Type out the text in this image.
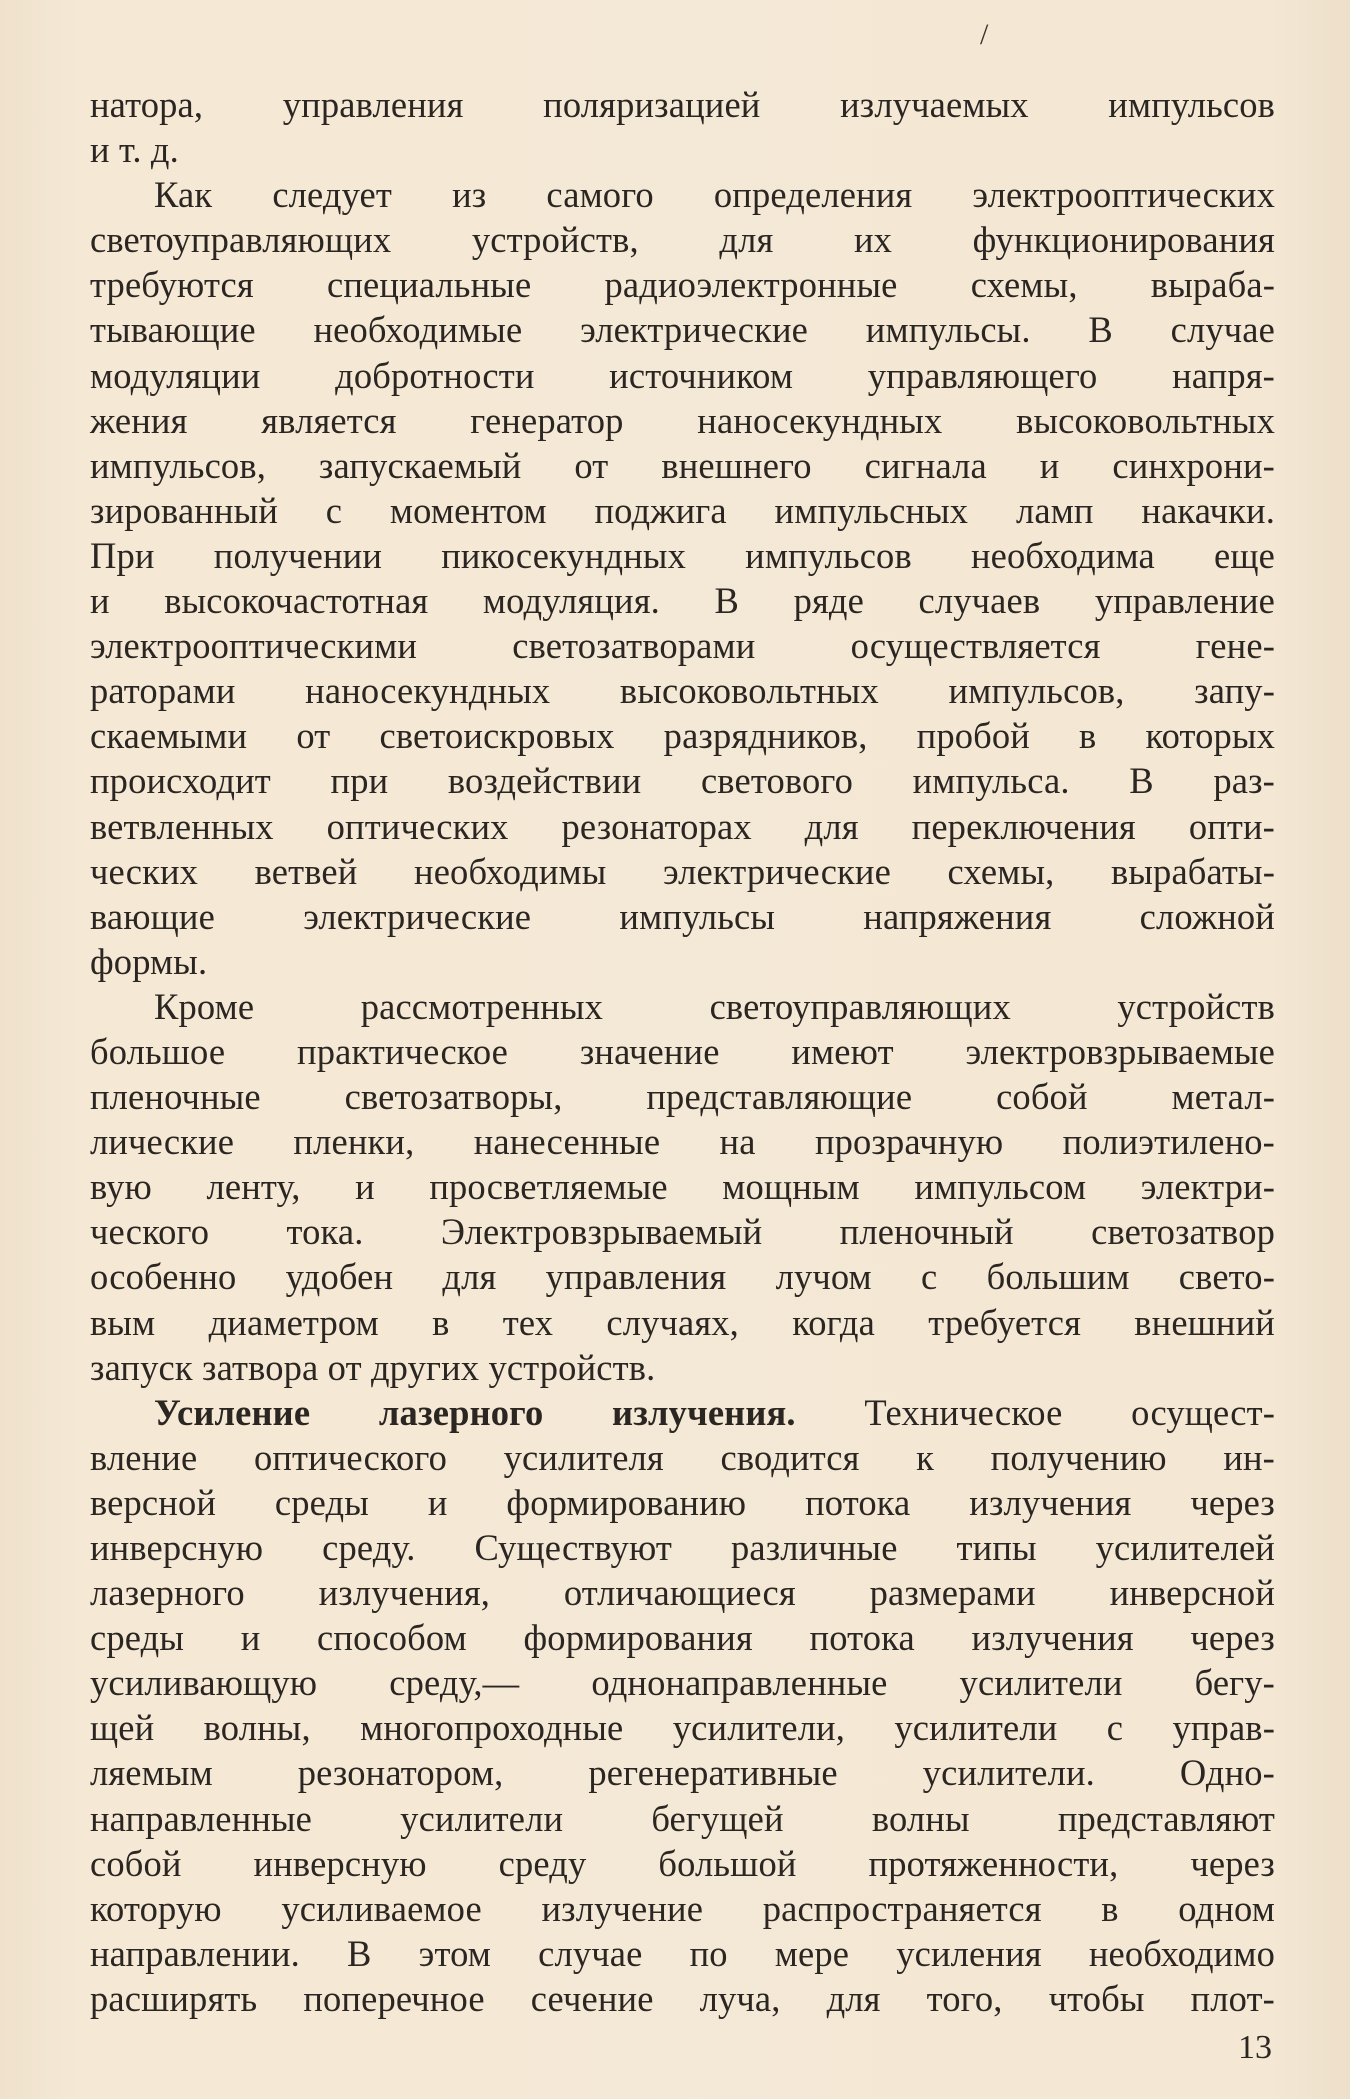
/
натора, управления поляризацией излучаемых импульсов
и т. д.
Как следует из самого определения электрооптических
светоуправляющих устройств, для их функционирования
требуются специальные радиоэлектронные схемы, выраба-
тывающие необходимые электрические импульсы. В случае
модуляции добротности источником управляющего напря-
жения является генератор наносекундных высоковольтных
импульсов, запускаемый от внешнего сигнала и синхрони-
зированный с моментом поджига импульсных ламп накачки.
При получении пикосекундных импульсов необходима еще
и высокочастотная модуляция. В ряде случаев управление
электрооптическими светозатворами осуществляется гене-
раторами наносекундных высоковольтных импульсов, запу-
скаемыми от светоискровых разрядников, пробой в которых
происходит при воздействии светового импульса. В раз-
ветвленных оптических резонаторах для переключения опти-
ческих ветвей необходимы электрические схемы, вырабаты-
вающие электрические импульсы напряжения сложной
формы.
Кроме рассмотренных светоуправляющих устройств
большое практическое значение имеют электровзрываемые
пленочные светозатворы, представляющие собой метал-
лические пленки, нанесенные на прозрачную полиэтилено-
вую ленту, и просветляемые мощным импульсом электри-
ческого тока. Электровзрываемый пленочный светозатвор
особенно удобен для управления лучом с большим свето-
вым диаметром в тех случаях, когда требуется внешний
запуск затвора от других устройств.
Усиление лазерного излучения. Техническое осущест-
вление оптического усилителя сводится к получению ин-
версной среды и формированию потока излучения через
инверсную среду. Существуют различные типы усилителей
лазерного излучения, отличающиеся размерами инверсной
среды и способом формирования потока излучения через
усиливающую среду,— однонаправленные усилители бегу-
щей волны, многопроходные усилители, усилители с управ-
ляемым резонатором, регенеративные усилители. Одно-
направленные усилители бегущей волны представляют
собой инверсную среду большой протяженности, через
которую усиливаемое излучение распространяется в одном
направлении. В этом случае по мере усиления необходимо
расширять поперечное сечение луча, для того, чтобы плот-
13
